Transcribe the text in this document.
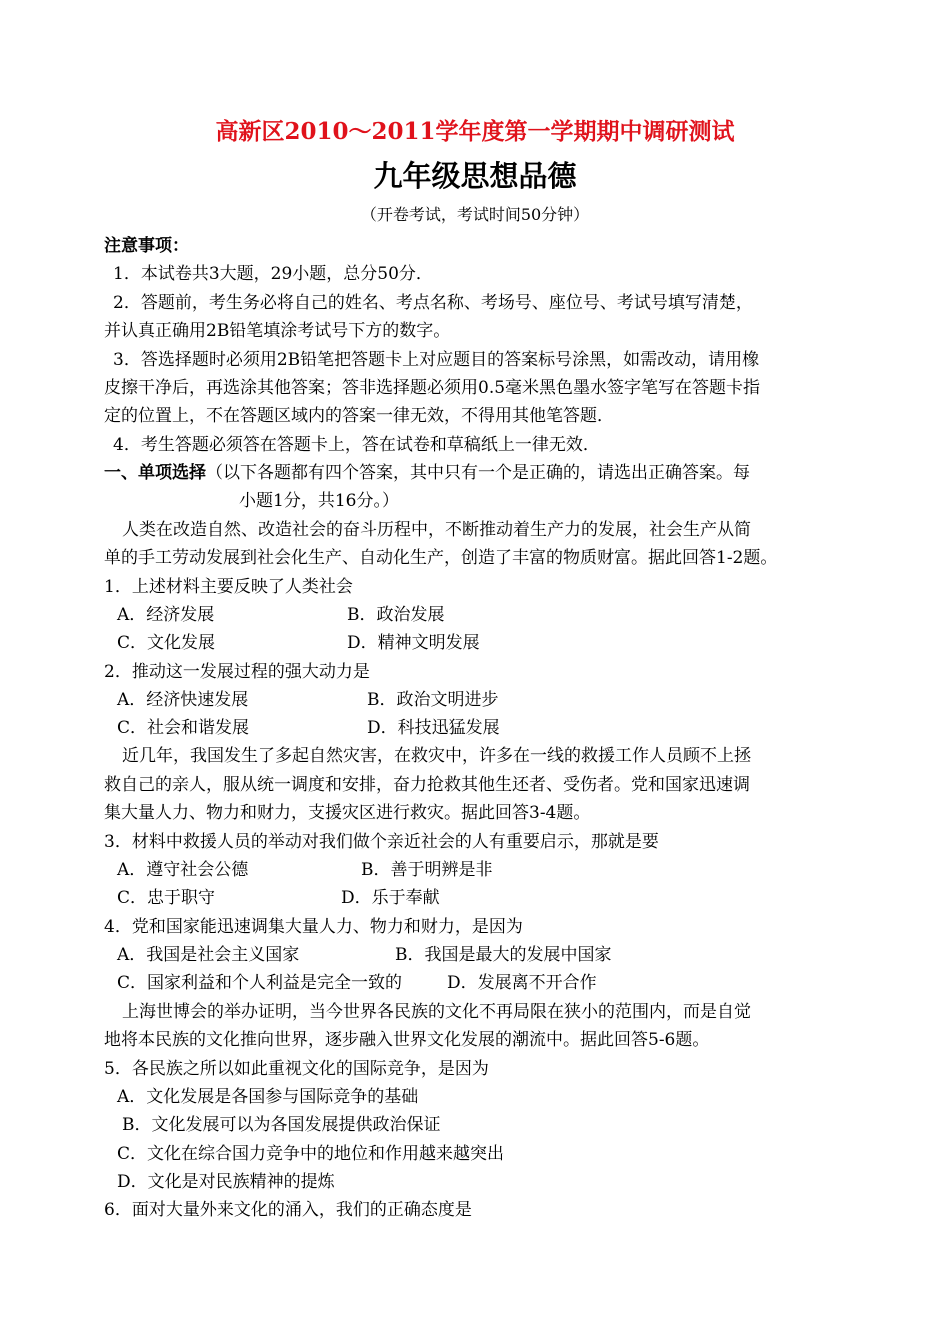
高新区2010～2011学年度第一学期期中调研测试
九年级思想品德
（开卷考试，考试时间50分钟）
注意事项：
1．本试卷共3大题，29小题，总分50分．
2．答题前，考生务必将自己的姓名、考点名称、考场号、座位号、考试号填写清楚，
并认真正确用2B铅笔填涂考试号下方的数字。
3．答选择题时必须用2B铅笔把答题卡上对应题目的答案标号涂黑，如需改动，请用橡
皮擦干净后，再选涂其他答案；答非选择题必须用0.5毫米黑色墨水签字笔写在答题卡指
定的位置上，不在答题区域内的答案一律无效，不得用其他笔答题．
4．考生答题必须答在答题卡上，答在试卷和草稿纸上一律无效．
一、单项选择（以下各题都有四个答案，其中只有一个是正确的，请选出正确答案。每
小题1分，共16分。）
人类在改造自然、改造社会的奋斗历程中，不断推动着生产力的发展，社会生产从简
单的手工劳动发展到社会化生产、自动化生产，创造了丰富的物质财富。据此回答1-2题。
1．上述材料主要反映了人类社会
A．经济发展	B．政治发展
C．文化发展	D．精神文明发展
2．推动这一发展过程的强大动力是
A．经济快速发展	B．政治文明进步
C．社会和谐发展	D．科技迅猛发展
近几年，我国发生了多起自然灾害，在救灾中，许多在一线的救援工作人员顾不上拯
救自己的亲人，服从统一调度和安排，奋力抢救其他生还者、受伤者。党和国家迅速调
集大量人力、物力和财力，支援灾区进行救灾。据此回答3-4题。
3．材料中救援人员的举动对我们做个亲近社会的人有重要启示，那就是要
A．遵守社会公德	B．善于明辨是非
C．忠于职守	D．乐于奉献
4．党和国家能迅速调集大量人力、物力和财力，是因为
A．我国是社会主义国家	B．我国是最大的发展中国家
C．国家利益和个人利益是完全一致的	D．发展离不开合作
上海世博会的举办证明，当今世界各民族的文化不再局限在狭小的范围内，而是自觉
地将本民族的文化推向世界，逐步融入世界文化发展的潮流中。据此回答5-6题。
5．各民族之所以如此重视文化的国际竞争，是因为
A．文化发展是各国参与国际竞争的基础
B．文化发展可以为各国发展提供政治保证
C．文化在综合国力竞争中的地位和作用越来越突出
D．文化是对民族精神的提炼
6．面对大量外来文化的涌入，我们的正确态度是
